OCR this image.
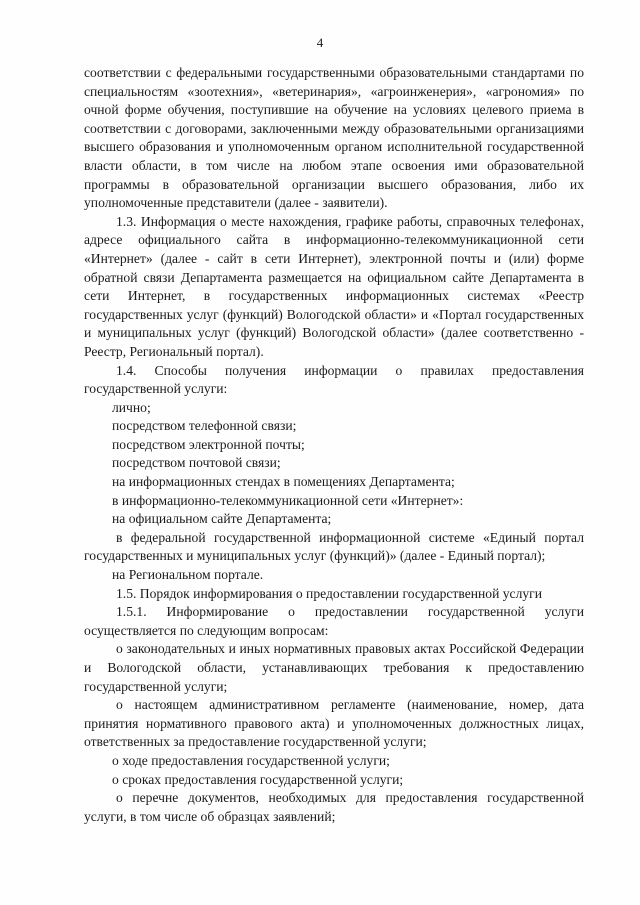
4

соответствии с федеральными государственными образовательными стандартами по специальностям «зоотехния», «ветеринария», «агроинженерия», «агрономия» по очной форме обучения, поступившие на обучение на условиях целевого приема в соответствии с договорами, заключенными между образовательными организациями высшего образования и уполномоченным органом исполнительной государственной власти области, в том числе на любом этапе освоения ими образовательной программы в образовательной организации высшего образования, либо их уполномоченные представители (далее - заявители).

1.3. Информация о месте нахождения, графике работы, справочных телефонах, адресе официального сайта в информационно-телекоммуникационной сети «Интернет» (далее - сайт в сети Интернет), электронной почты и (или) форме обратной связи Департамента размещается на официальном сайте Департамента в сети Интернет, в государственных информационных системах «Реестр государственных услуг (функций) Вологодской области» и «Портал государственных и муниципальных услуг (функций) Вологодской области» (далее соответственно - Реестр, Региональный портал).

1.4. Способы получения информации о правилах предоставления государственной услуги:

лично;

посредством телефонной связи;

посредством электронной почты;

посредством почтовой связи;

на информационных стендах в помещениях Департамента;

в информационно-телекоммуникационной сети «Интернет»:

на официальном сайте Департамента;

в федеральной государственной информационной системе «Единый портал государственных и муниципальных услуг (функций)» (далее - Единый портал);

на Региональном портале.

1.5. Порядок информирования о предоставлении государственной услуги

1.5.1. Информирование о предоставлении государственной услуги осуществляется по следующим вопросам:

о законодательных и иных нормативных правовых актах Российской Федерации и Вологодской области, устанавливающих требования к предоставлению государственной услуги;

о настоящем административном регламенте (наименование, номер, дата принятия нормативного правового акта) и уполномоченных должностных лицах, ответственных за предоставление государственной услуги;

о ходе предоставления государственной услуги;

о сроках предоставления государственной услуги;

о перечне документов, необходимых для предоставления государственной услуги, в том числе об образцах заявлений;
